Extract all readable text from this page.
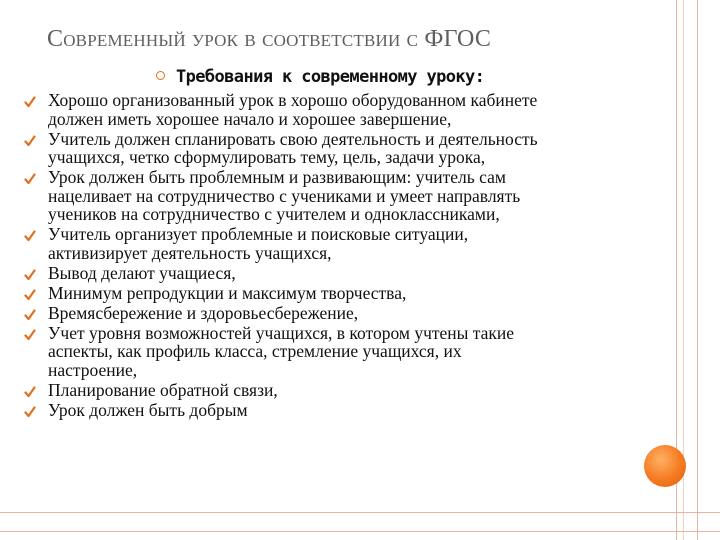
Современный урок в соответствии с ФГОС
Требования к современному уроку:
Хорошо организованный урок в хорошо оборудованном кабинете
должен иметь хорошее начало и хорошее завершение,
Учитель должен спланировать свою деятельность и деятельность
учащихся, четко сформулировать тему, цель, задачи урока,
Урок должен быть проблемным и развивающим: учитель сам
нацеливает на сотрудничество с учениками и умеет направлять
учеников на сотрудничество с учителем и одноклассниками,
Учитель организует проблемные и поисковые ситуации,
активизирует деятельность учащихся,
Вывод делают учащиеся,
Минимум репродукции и максимум творчества,
Времясбережение и здоровьесбережение,
Учет уровня возможностей учащихся, в котором учтены такие
аспекты, как профиль класса, стремление учащихся, их
настроение,
Планирование обратной связи,
Урок должен быть добрым
